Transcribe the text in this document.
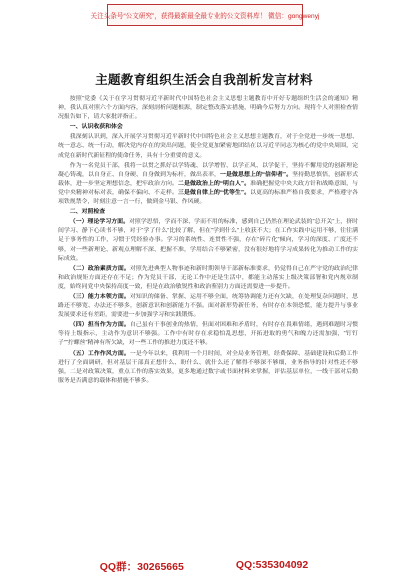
关注头条号“公文研究”，获得最新最全最专业的公文资料库！ 微信：gongwenyj
主题教育组织生活会自我剖析发言材料

按照“党委《关于在学习贯彻习近平新时代中国特色社会主义思想主题教育中开好专题组织生活会的通知》精神，我认真对照六个方面内容，深刻剖析问题根源，制定整改落实措施，明确今后努力方向。现将个人对照检查情况报告如下，请大家批评指正。

一、认识收获和体会

我深刻认识到，深入开展学习贯彻习近平新时代中国特色社会主义思想主题教育，对于全党进一步统一思想、统一意志、统一行动，解决党内存在的突出问题，使全党更加紧密地团结在以习近平同志为核心的党中央周围，完成党在新时代新征程的使命任务，具有十分重要的意义。

作为一名党员干部，我将一以贯之抓好以学铸魂、以学增智、以学正风、以学促干，坚持不懈用党的创新理论凝心铸魂，以自身正、自身硬、自身做到为标杆，做出表率，一是做思想上的“信仰者”。坚持勤思慎悟，创新形式载体，进一步坚定理想信念，把牢政治方向。二是做政治上的“明白人”。准确把握党中央大政方针和战略意图，与党中央精神对标对表，确保不偏向、不走样。三是做自律上的“优等生”。以更高的标准严格自我要求，严格遵守各项铁规禁令，时刻注意一言一行，做到金马银、作风硬。

二、对照检查

（一）理论学习方面。对照学思悟，学而不深、学而不用的标准，感到自己仍然在理论武装的“总开关”上，挤时间学习、静下心读书不够，对于“学了什么”比较了解，但在“学到什么”上收获不大；在工作实践中运用不够，往往满足于事务性的工作，习惯于凭经验办事。学习的系统性、连贯性不强，存在“碎片化”倾向，学习的深度、广度还不够，对一些新理论、新观点理解不深、把握不准，学用结合不够紧密，没有很好地将学习成果转化为推动工作的实际成效。

（二）政治素质方面。对照先进典型人物事迹和新时期领导干部新标准要求，仍觉得自己在严守党的政治纪律和政治规矩方面还存在不足；作为党员干部，无论工作中还是生活中，都能主动落实上级决策部署和党内规章制度，始终同党中央保持高度一致，但是在政治敏锐性和政治鉴别力方面还需要进一步提升。

（三）能力本领方面。对知识的储备、掌握、运用不够全面，统筹协调能力还有欠缺，在处理复杂问题时，思路还不够宽、办法还不够多，创新意识和创新能力不强。面对新形势新任务，有时存在本领恐慌，能力提升与事业发展要求还有差距，需要进一步加强学习和实践锻炼。

（四）担当作为方面。自己虽有干事创业的热情，但面对困难和矛盾时，有时存在畏难情绪，遇到难题时习惯等待上级指示，主动作为意识不够强。工作中有时存在求稳怕乱思想，开拓进取的勇气和魄力还需加强，“钉钉子”“拧螺丝”精神有所欠缺，对一些工作的推进力度还不够。

（五）工作作风方面。一是今年以来，我利用一个月时间，对全局业务管理，经费保障、基础建设和后勤工作进行了全面调研，但对基层干部真正想什么、盼什么、就什么还了解得不够深不够细，业务指导的针对性还不够强，二是对政策决策，重点工作的落实效果，更多地通过数字或书面材料来掌握，评估基层单位，一线干部对后勤服务是否满意的载体和措施不够多。

QQ群：30265665	QQ:535304092
